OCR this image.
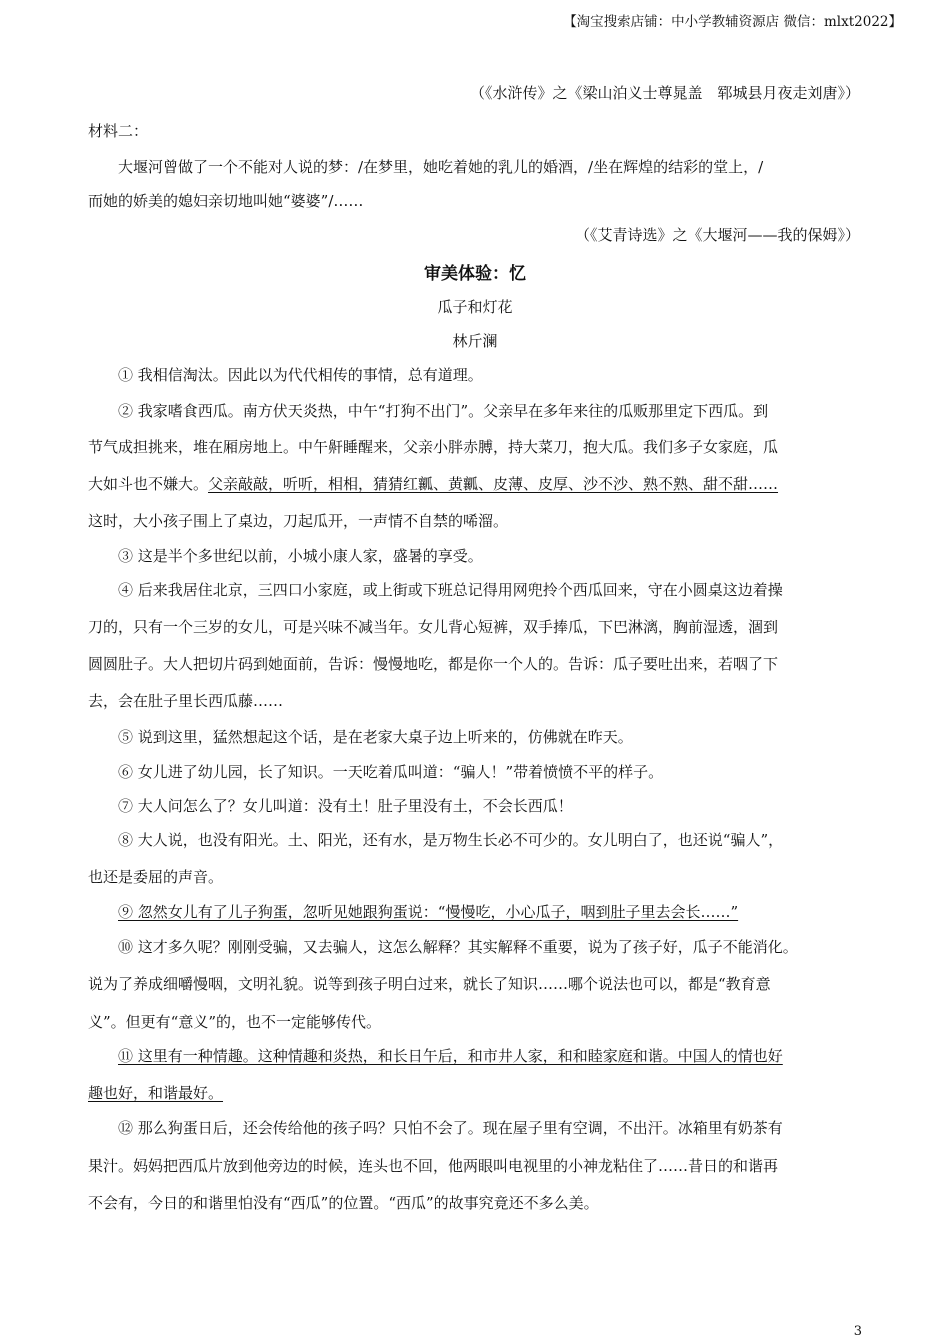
【淘宝搜索店铺：中小学教辅资源店 微信：mlxt2022】
（《水浒传》之《梁山泊义士尊晁盖　郓城县月夜走刘唐》）
材料二：
大堰河曾做了一个不能对人说的梦：/在梦里，她吃着她的乳儿的婚酒，/坐在辉煌的结彩的堂上，/
而她的娇美的媳妇亲切地叫她“婆婆”/……
（《艾青诗选》之《大堰河——我的保姆》）
审美体验：忆
瓜子和灯花
林斤澜
① 我相信淘汰。因此以为代代相传的事情，总有道理。
② 我家嗜食西瓜。南方伏天炎热，中午“打狗不出门”。父亲早在多年来往的瓜贩那里定下西瓜。到
节气成担挑来，堆在厢房地上。中午鼾睡醒来，父亲小胖赤膊，持大菜刀，抱大瓜。我们多子女家庭，瓜
大如斗也不嫌大。父亲敲敲，听听，相相，猜猜红瓤、黄瓤、皮薄、皮厚、沙不沙、熟不熟、甜不甜……
这时，大小孩子围上了桌边，刀起瓜开，一声情不自禁的唏溜。
③ 这是半个多世纪以前，小城小康人家，盛暑的享受。
④ 后来我居住北京，三四口小家庭，或上街或下班总记得用网兜拎个西瓜回来，守在小圆桌这边着操
刀的，只有一个三岁的女儿，可是兴味不减当年。女儿背心短裤，双手捧瓜，下巴淋漓，胸前湿透，涸到
圆圆肚子。大人把切片码到她面前，告诉：慢慢地吃，都是你一个人的。告诉：瓜子要吐出来，若咽了下
去，会在肚子里长西瓜藤……
⑤ 说到这里，猛然想起这个话，是在老家大桌子边上听来的，仿佛就在昨天。
⑥ 女儿进了幼儿园，长了知识。一天吃着瓜叫道：“骗人！”带着愤愤不平的样子。
⑦ 大人问怎么了？女儿叫道：没有土！肚子里没有土，不会长西瓜！
⑧ 大人说，也没有阳光。土、阳光，还有水，是万物生长必不可少的。女儿明白了，也还说“骗人”，
也还是委屈的声音。
⑨ 忽然女儿有了儿子狗蛋，忽听见她跟狗蛋说：“慢慢吃，小心瓜子，咽到肚子里去会长……”
⑩ 这才多久呢？刚刚受骗，又去骗人，这怎么解释？其实解释不重要，说为了孩子好，瓜子不能消化。
说为了养成细嚼慢咽，文明礼貌。说等到孩子明白过来，就长了知识……哪个说法也可以，都是“教育意
义”。但更有“意义”的，也不一定能够传代。
⑪ 这里有一种情趣。这种情趣和炎热，和长日午后，和市井人家，和和睦家庭和谐。中国人的情也好
趣也好，和谐最好。
⑫ 那么狗蛋日后，还会传给他的孩子吗？只怕不会了。现在屋子里有空调，不出汗。冰箱里有奶茶有
果汁。妈妈把西瓜片放到他旁边的时候，连头也不回，他两眼叫电视里的小神龙粘住了……昔日的和谐再
不会有，今日的和谐里怕没有“西瓜”的位置。“西瓜”的故事究竟还不多么美。
3
